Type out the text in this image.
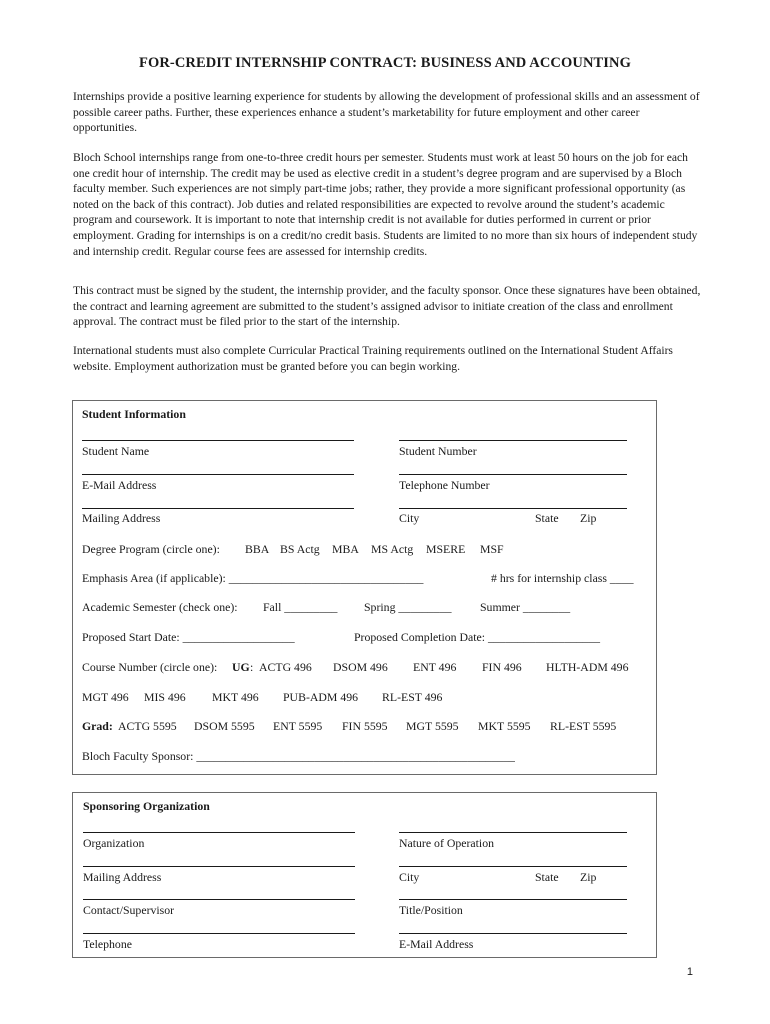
FOR-CREDIT INTERNSHIP CONTRACT: BUSINESS AND ACCOUNTING

Internships provide a positive learning experience for students by allowing the development of professional skills and an assessment of possible career paths. Further, these experiences enhance a student’s marketability for future employment and other career opportunities.

Bloch School internships range from one-to-three credit hours per semester. Students must work at least 50 hours on the job for each one credit hour of internship. The credit may be used as elective credit in a student’s degree program and are supervised by a Bloch faculty member. Such experiences are not simply part-time jobs; rather, they provide a more significant professional opportunity (as noted on the back of this contract). Job duties and related responsibilities are expected to revolve around the student’s academic program and coursework. It is important to note that internship credit is not available for duties performed in current or prior employment. Grading for internships is on a credit/no credit basis. Students are limited to no more than six hours of independent study and internship credit. Regular course fees are assessed for internship credits.

This contract must be signed by the student, the internship provider, and the faculty sponsor. Once these signatures have been obtained, the contract and learning agreement are submitted to the student’s assigned advisor to initiate creation of the class and enrollment approval. The contract must be filed prior to the start of the internship.

International students must also complete Curricular Practical Training requirements outlined on the International Student Affairs website. Employment authorization must be granted before you can begin working.

Student Information
Student Name	Student Number
E-Mail Address	Telephone Number
Mailing Address	City	State Zip
Degree Program (circle one): BBA BS Actg MBA MS Actg MSERE MSF
Emphasis Area (if applicable): _________________________________	# hrs for internship class ____
Academic Semester (check one): Fall _________ Spring _________ Summer ________
Proposed Start Date: ___________________	Proposed Completion Date: ___________________
Course Number (circle one): UG : ACTG 496 DSOM 496 ENT 496 FIN 496 HLTH-ADM 496
MGT 496 MIS 496 MKT 496 PUB-ADM 496 RL-EST 496
Grad: ACTG 5595 DSOM 5595 ENT 5595 FIN 5595 MGT 5595 MKT 5595 RL-EST 5595
Bloch Faculty Sponsor: ______________________________________________________
Sponsoring Organization
Organization	Nature of Operation
Mailing Address	City	State Zip
Contact/Supervisor	Title/Position
Telephone	E-Mail Address
1
